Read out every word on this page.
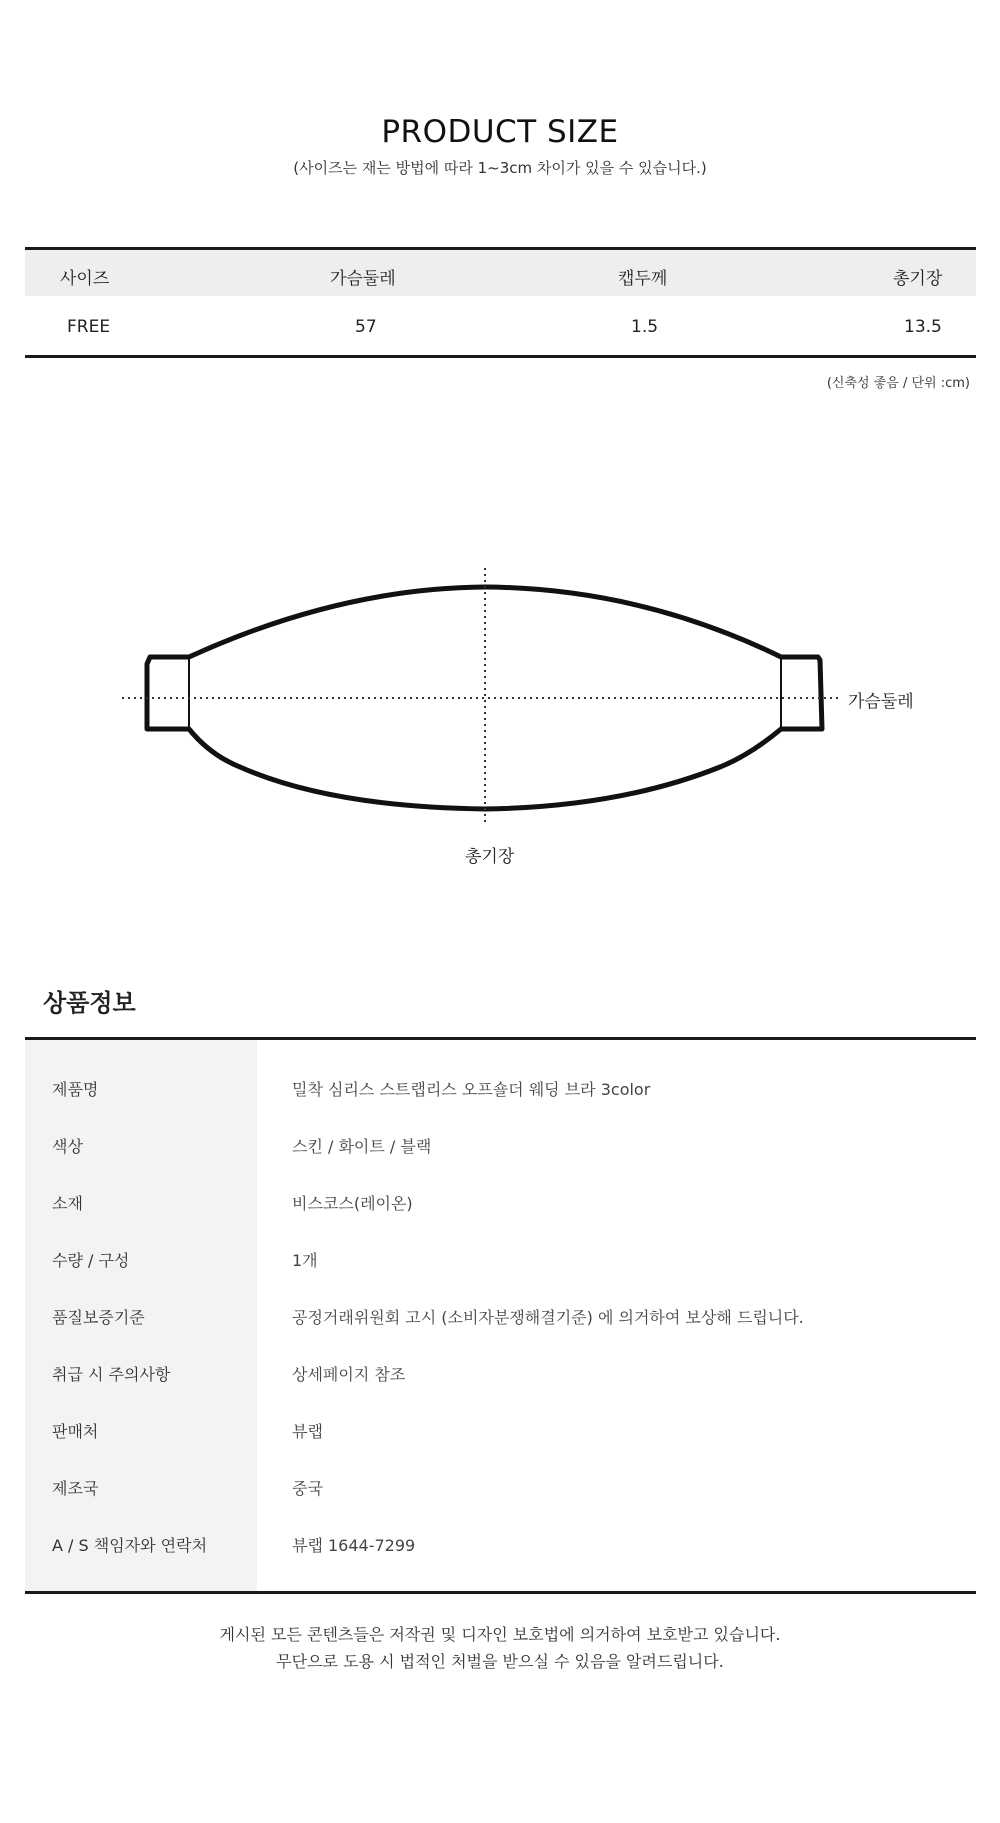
PRODUCT SIZE
(사이즈는 재는 방법에 따라 1~3cm 차이가 있을 수 있습니다.)
사이즈	가슴둘레	캡두께	총기장
FREE	57	1.5	13.5
(신축성 좋음 / 단위 :cm)
가슴둘레
총기장
상품정보
제품명	밀착 심리스 스트랩리스 오프숄더 웨딩 브라 3color
색상	스킨 / 화이트 / 블랙
소재	비스코스(레이온)
수량 / 구성	1개
품질보증기준	공정거래위원회 고시 (소비자분쟁해결기준) 에 의거하여 보상해 드립니다.
취급 시 주의사항	상세페이지 참조
판매처	뷰랩
제조국	중국
A / S 책임자와 연락처	뷰랩 1644-7299
게시된 모든 콘텐츠들은 저작권 및 디자인 보호법에 의거하여 보호받고 있습니다.
무단으로 도용 시 법적인 처벌을 받으실 수 있음을 알려드립니다.
